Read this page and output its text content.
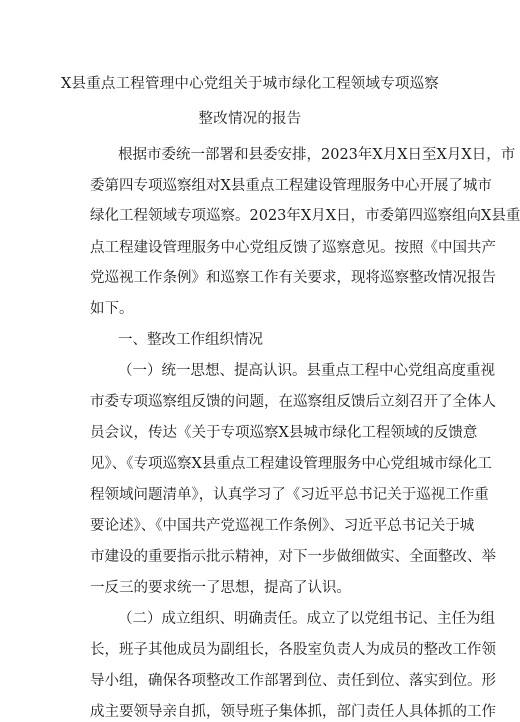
X县重点工程管理中心党组关于城市绿化工程领域专项巡察
整改情况的报告
根据市委统一部署和县委安排，2023年X月X日至X月X日，市
委第四专项巡察组对X县重点工程建设管理服务中心开展了城市
绿化工程领域专项巡察。2023年X月X日，市委第四巡察组向X县重
点工程建设管理服务中心党组反馈了巡察意见。按照《中国共产
党巡视工作条例》和巡察工作有关要求，现将巡察整改情况报告
如下。
一、整改工作组织情况
（一）统一思想、提高认识。县重点工程中心党组高度重视
市委专项巡察组反馈的问题，在巡察组反馈后立刻召开了全体人
员会议，传达《关于专项巡察X县城市绿化工程领域的反馈意
见》、《专项巡察X县重点工程建设管理服务中心党组城市绿化工
程领域问题清单》，认真学习了《习近平总书记关于巡视工作重
要论述》、《中国共产党巡视工作条例》、习近平总书记关于城
市建设的重要指示批示精神，对下一步做细做实、全面整改、举
一反三的要求统一了思想，提高了认识。
（二）成立组织、明确责任。成立了以党组书记、主任为组
长，班子其他成员为副组长，各股室负责人为成员的整改工作领
导小组，确保各项整改工作部署到位、责任到位、落实到位。形
成主要领导亲自抓，领导班子集体抓，部门责任人具体抓的工作
